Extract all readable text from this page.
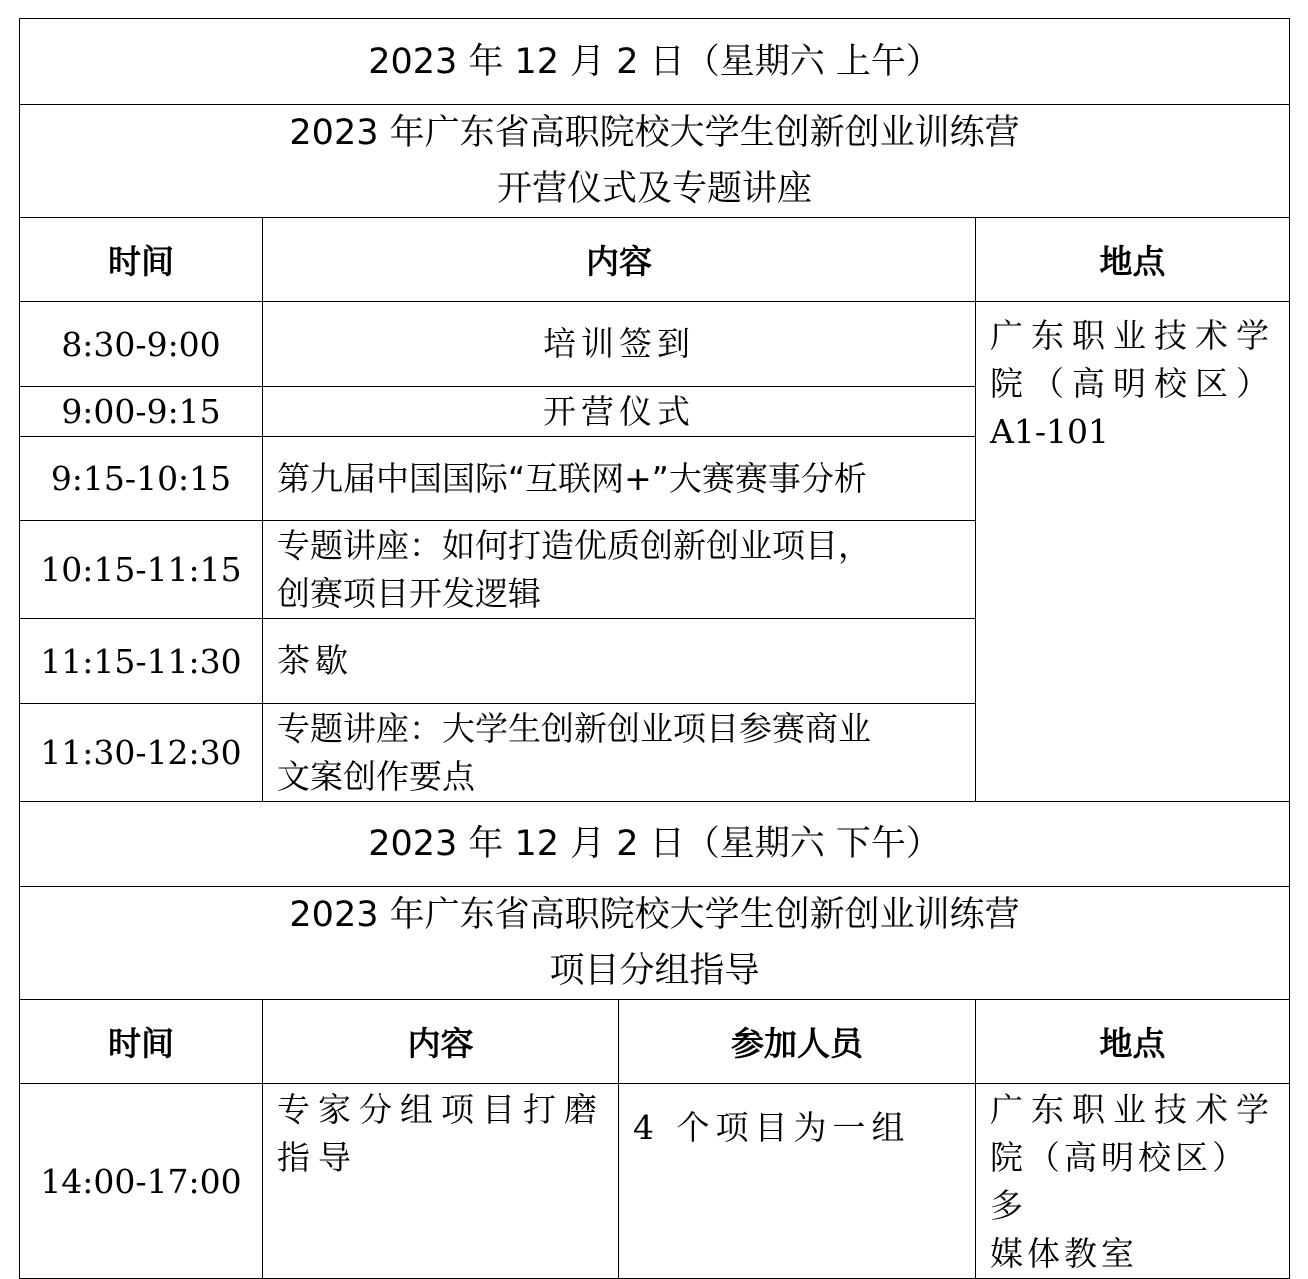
2023 年 12 月 2 日（星期六 上午）			

2023 年广东省高职院校大学生创新创业训练营
开营仪式及专题讲座			

时间	内容		地点
8:30-9:00	培训签到		广东职业技术学
院（高明校区）
A1-101

9:00-9:15	开营仪式		
9:15-10:15	第九届中国国际“互联网+”大赛赛事分析		
10:15-11:15	专题讲座：如何打造优质创新创业项目，
创赛项目开发逻辑		

11:15-11:30	茶歇		
11:30-12:30	专题讲座：大学生创新创业项目参赛商业
文案创作要点		

2023 年 12 月 2 日（星期六 下午）			

2023 年广东省高职院校大学生创新创业训练营
项目分组指导			

时间	内容	参加人员	地点
14:00-17:00	专家分组项目打磨
指导	4 个项目为一组	广东职业技术学
院（高明校区）多
媒体教室
